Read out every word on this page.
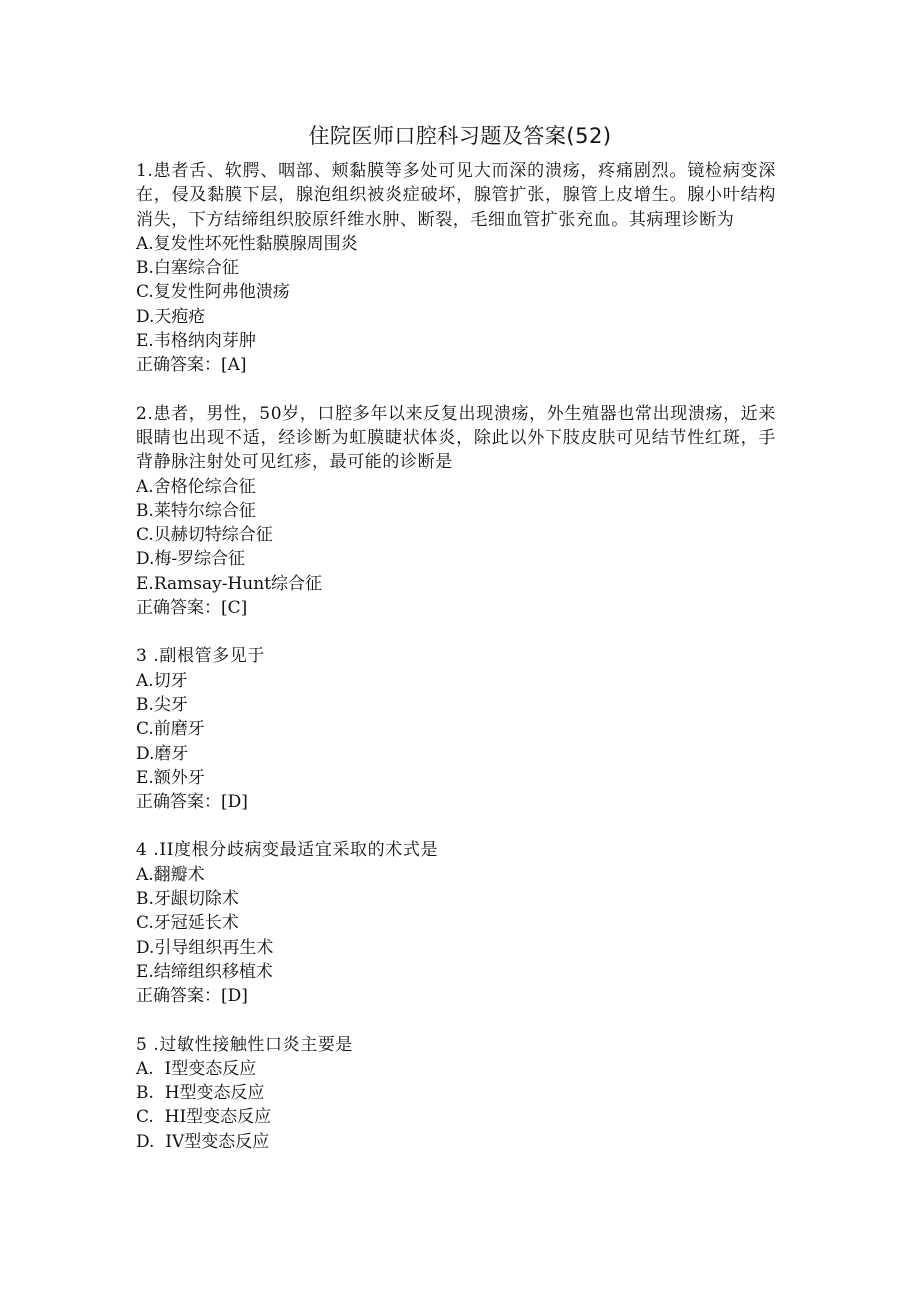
住院医师口腔科习题及答案(52)

1.患者舌、软腭、咽部、颊黏膜等多处可见大而深的溃疡，疼痛剧烈。镜检病变深在，侵及黏膜下层，腺泡组织被炎症破坏，腺管扩张，腺管上皮增生。腺小叶结构消失，下方结缔组织胶原纤维水肿、断裂，毛细血管扩张充血。其病理诊断为

A.复发性坏死性黏膜腺周围炎
B.白塞综合征
C.复发性阿弗他溃疡
D.天疱疮
E.韦格纳肉芽肿

正确答案：[A]

2.患者，男性，50岁，口腔多年以来反复出现溃疡，外生殖器也常出现溃疡，近来眼睛也出现不适，经诊断为虹膜睫状体炎，除此以外下肢皮肤可见结节性红斑，手背静脉注射处可见红疹，最可能的诊断是

A.舍格伦综合征
B.莱特尔综合征
C.贝赫切特综合征
D.梅-罗综合征
E.Ramsay-Hunt综合征

正确答案：[C]

3 .副根管多见于

A.切牙
B.尖牙
C.前磨牙
D.磨牙
E.额外牙

正确答案：[D]

4 .II度根分歧病变最适宜采取的术式是

A.翻瓣术
B.牙龈切除术
C.牙冠延长术
D.引导组织再生术
E.结缔组织移植术

正确答案：[D]

5 .过敏性接触性口炎主要是

A.  I型变态反应
B.  H型变态反应
C.  HI型变态反应
D.  IV型变态反应
